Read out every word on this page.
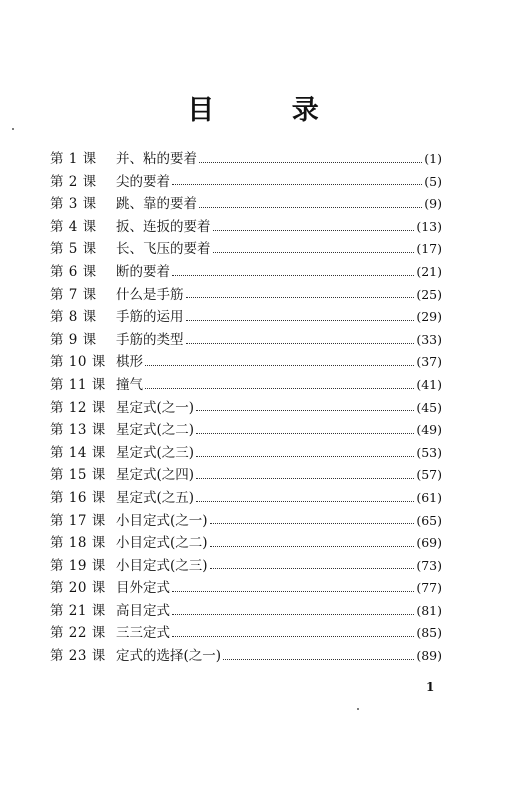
目 录
第 1 课	并、粘的要着	(1)
第 2 课	尖的要着	(5)
第 3 课	跳、靠的要着	(9)
第 4 课	扳、连扳的要着	(13)
第 5 课	长、飞压的要着	(17)
第 6 课	断的要着	(21)
第 7 课	什么是手筋	(25)
第 8 课	手筋的运用	(29)
第 9 课	手筋的类型	(33)
第 10 课 棋形	(37)
第 11 课 撞气	(41)
第 12 课 星定式(之一)	(45)
第 13 课 星定式(之二)	(49)
第 14 课 星定式(之三)	(53)
第 15 课 星定式(之四)	(57)
第 16 课 星定式(之五)	(61)
第 17 课 小目定式(之一)	(65)
第 18 课 小目定式(之二)	(69)
第 19 课 小目定式(之三)	(73)
第 20 课 目外定式	(77)
第 21 课 高目定式	(81)
第 22 课 三三定式	(85)
第 23 课 定式的选择(之一)	(89)
1
